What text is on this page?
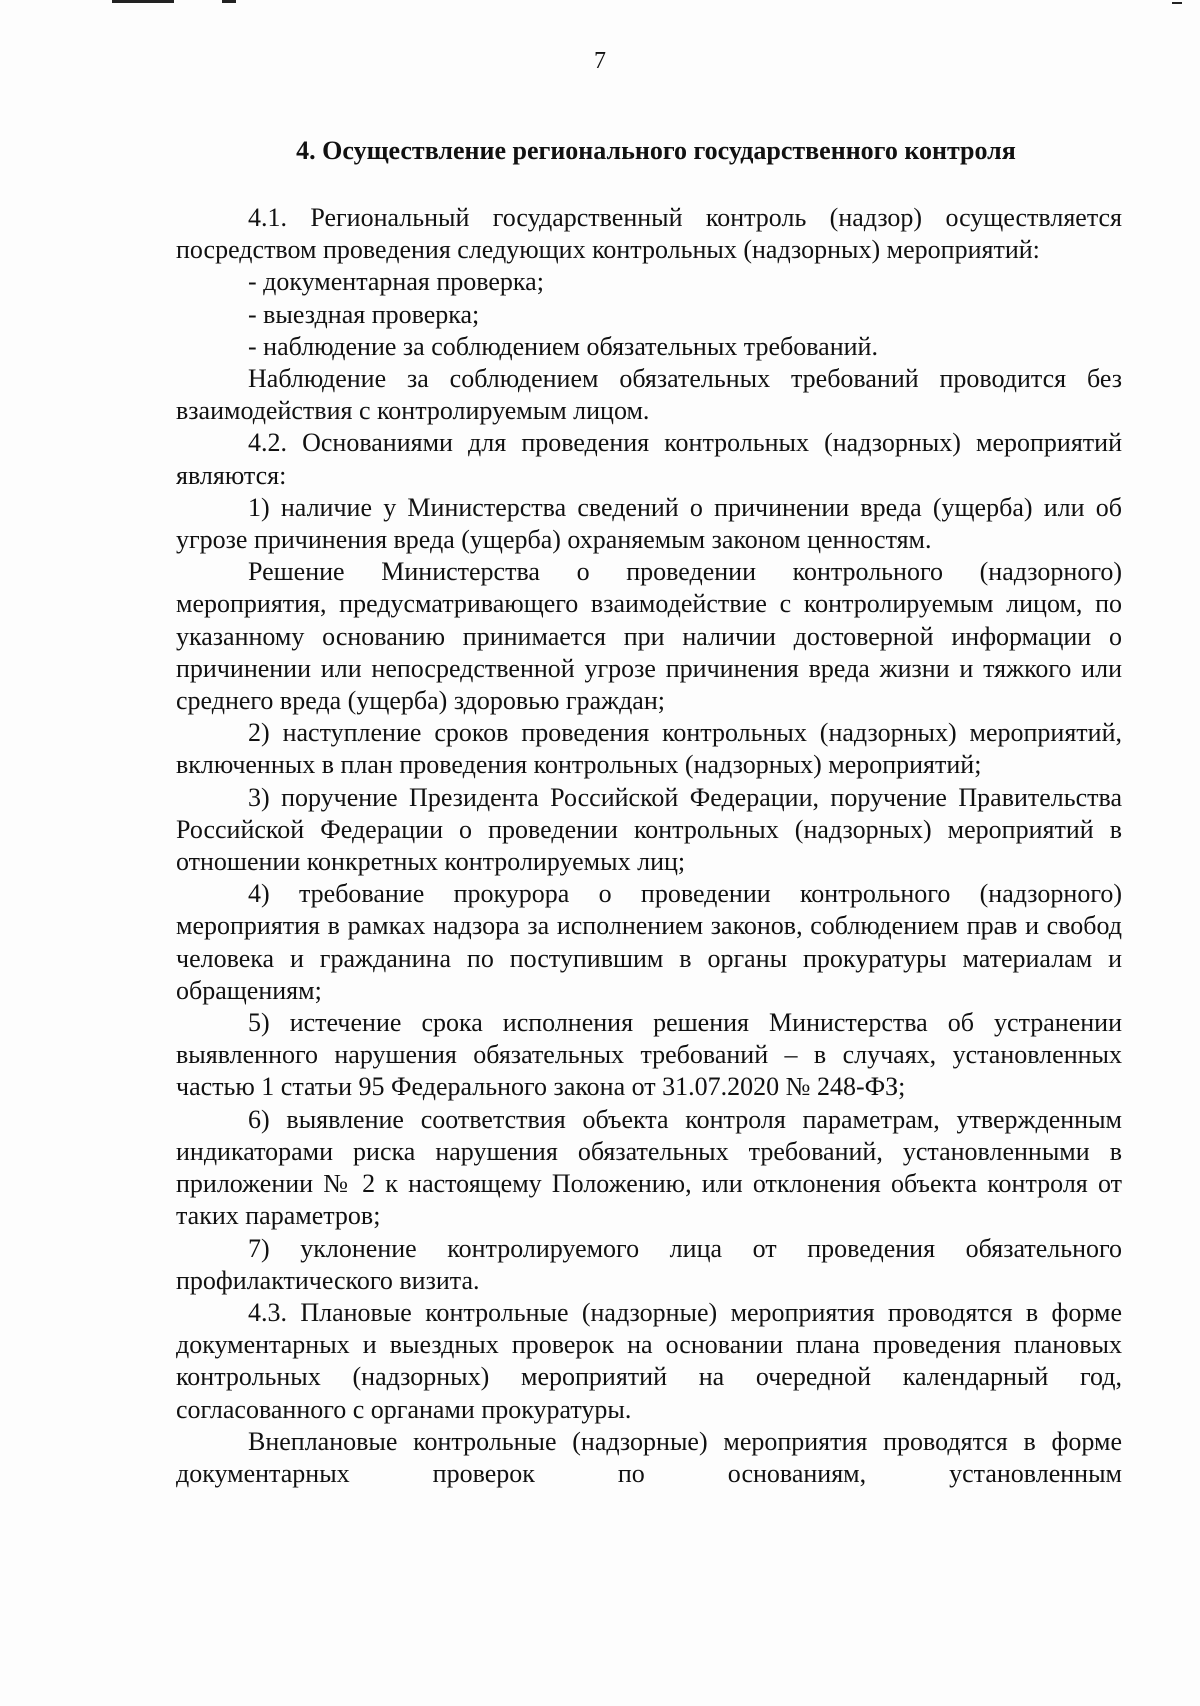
7
4. Осуществление регионального государственного контроля

4.1. Региональный государственный контроль (надзор) осуществляется посредством проведения следующих контрольных (надзорных) мероприятий:

- документарная проверка;

- выездная проверка;

- наблюдение за соблюдением обязательных требований.

Наблюдение за соблюдением обязательных требований проводится без взаимодействия с контролируемым лицом.

4.2. Основаниями для проведения контрольных (надзорных) мероприятий являются:

1) наличие у Министерства сведений о причинении вреда (ущерба) или об угрозе причинения вреда (ущерба) охраняемым законом ценностям.

Решение Министерства о проведении контрольного (надзорного) мероприятия, предусматривающего взаимодействие с контролируемым лицом, по указанному основанию принимается при наличии достоверной информации о причинении или непосредственной угрозе причинения вреда жизни и тяжкого или среднего вреда (ущерба) здоровью граждан;

2) наступление сроков проведения контрольных (надзорных) мероприятий, включенных в план проведения контрольных (надзорных) мероприятий;

3) поручение Президента Российской Федерации, поручение Правительства Российской Федерации о проведении контрольных (надзорных) мероприятий в отношении конкретных контролируемых лиц;

4) требование прокурора о проведении контрольного (надзорного) мероприятия в рамках надзора за исполнением законов, соблюдением прав и свобод человека и гражданина по поступившим в органы прокуратуры материалам и обращениям;

5) истечение срока исполнения решения Министерства об устранении выявленного нарушения обязательных требований – в случаях, установленных частью 1 статьи 95 Федерального закона от 31.07.2020 № 248-ФЗ;

6) выявление соответствия объекта контроля параметрам, утвержденным индикаторами риска нарушения обязательных требований, установленными в приложении № 2 к настоящему Положению, или отклонения объекта контроля от таких параметров;

7) уклонение контролируемого лица от проведения обязательного профилактического визита.

4.3. Плановые контрольные (надзорные) мероприятия проводятся в форме документарных и выездных проверок на основании плана проведения плановых контрольных (надзорных) мероприятий на очередной календарный год, согласованного с органами прокуратуры.

Внеплановые контрольные (надзорные) мероприятия проводятся в форме документарных проверок по основаниям, установленным
